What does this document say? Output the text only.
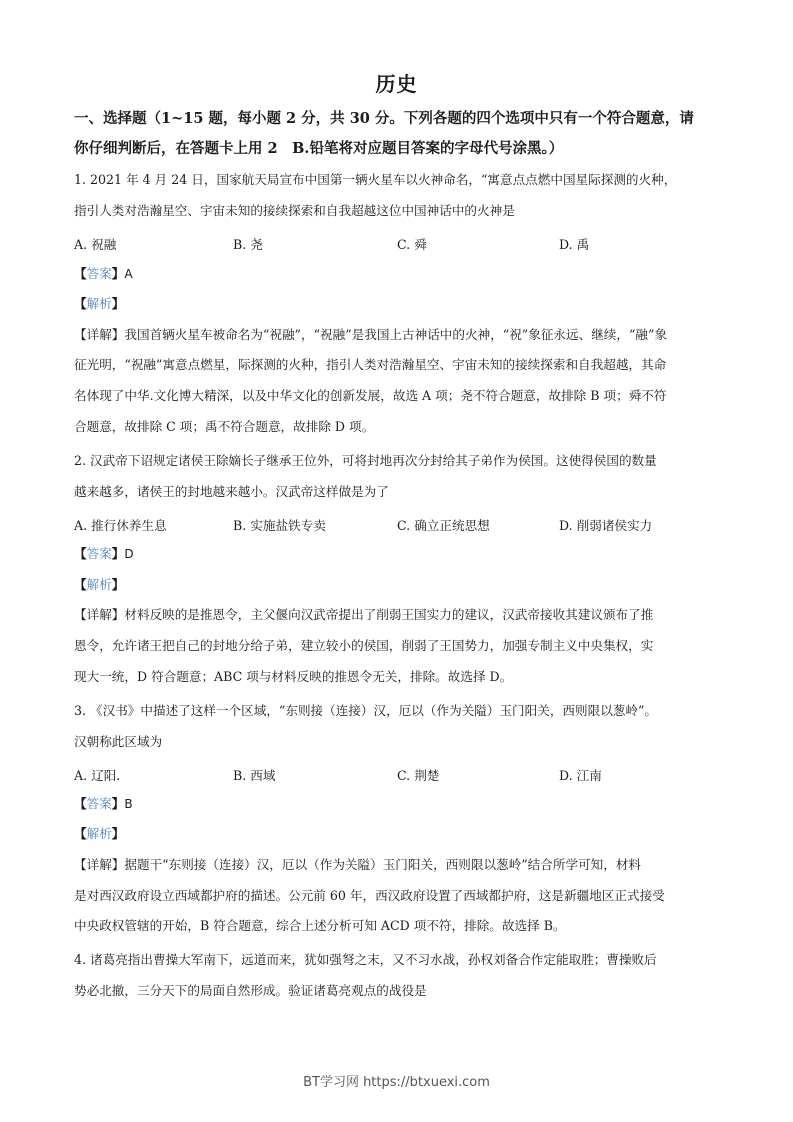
历史
一、选择题（1~15 题，每小题 2 分，共 30 分。下列各题的四个选项中只有一个符合题意，请
你仔细判断后，在答题卡上用 2　B.铅笔将对应题目答案的字母代号涂黑。）
1. 2021 年 4 月 24 日，国家航天局宣布中国第一辆火星车以火神命名，“寓意点点燃中国星际探测的火种，
指引人类对浩瀚星空、宇宙未知的接续探索和自我超越这位中国神话中的火神是
A. 祝融	B. 尧	C. 舜	D. 禹
【答案】A
【解析】
【详解】我国首辆火星车被命名为“祝融”，“祝融”是我国上古神话中的火神，“祝”象征永远、继续，“融”象
征光明，“祝融”寓意点燃星，际探测的火种，指引人类对浩瀚星空、宇宙未知的接续探索和自我超越，其命
名体现了中华.文化博大精深，以及中华文化的创新发展，故选 A 项；尧不符合题意，故排除 B 项；舜不符
合题意，故排除 C 项；禹不符合题意，故排除 D 项。
2. 汉武帝下诏规定诸侯王除嫡长子继承王位外，可将封地再次分封给其子弟作为侯国。这使得侯国的数量
越来越多，诸侯王的封地越来越小。汉武帝这样做是为了
A. 推行休养生息	B. 实施盐铁专卖	C. 确立正统思想	D. 削弱诸侯实力
【答案】D
【解析】
【详解】材料反映的是推恩令，主父偃向汉武帝提出了削弱王国实力的建议，汉武帝接收其建议颁布了推
恩令，允许诸王把自己的封地分给子弟，建立较小的侯国，削弱了王国势力，加强专制主义中央集权，实
现大一统，D 符合题意；ABC 项与材料反映的推恩令无关，排除。故选择 D。
3. 《汉书》中描述了这样一个区域，“东则接（连接）汉，厄以（作为关隘）玉门阳关，西则限以葱岭”。
汉朝称此区域为
A. 辽阳.	B. 西域	C. 荆楚	D. 江南
【答案】B
【解析】
【详解】据题干“东则接（连接）汉，厄以（作为关隘）玉门阳关，西则限以葱岭”结合所学可知，材料
是对西汉政府设立西域都护府的描述。公元前 60 年，西汉政府设置了西域都护府，这是新疆地区正式接受
中央政权管辖的开始，B 符合题意，综合上述分析可知 ACD 项不符，排除。故选择 B。
4. 诸葛亮指出曹操大军南下，远道而来，犹如强弩之末，又不习水战，孙权刘备合作定能取胜；曹操败后
势必北撤，三分天下的局面自然形成。验证诸葛亮观点的战役是
BT学习网 https://btxuexi.com
